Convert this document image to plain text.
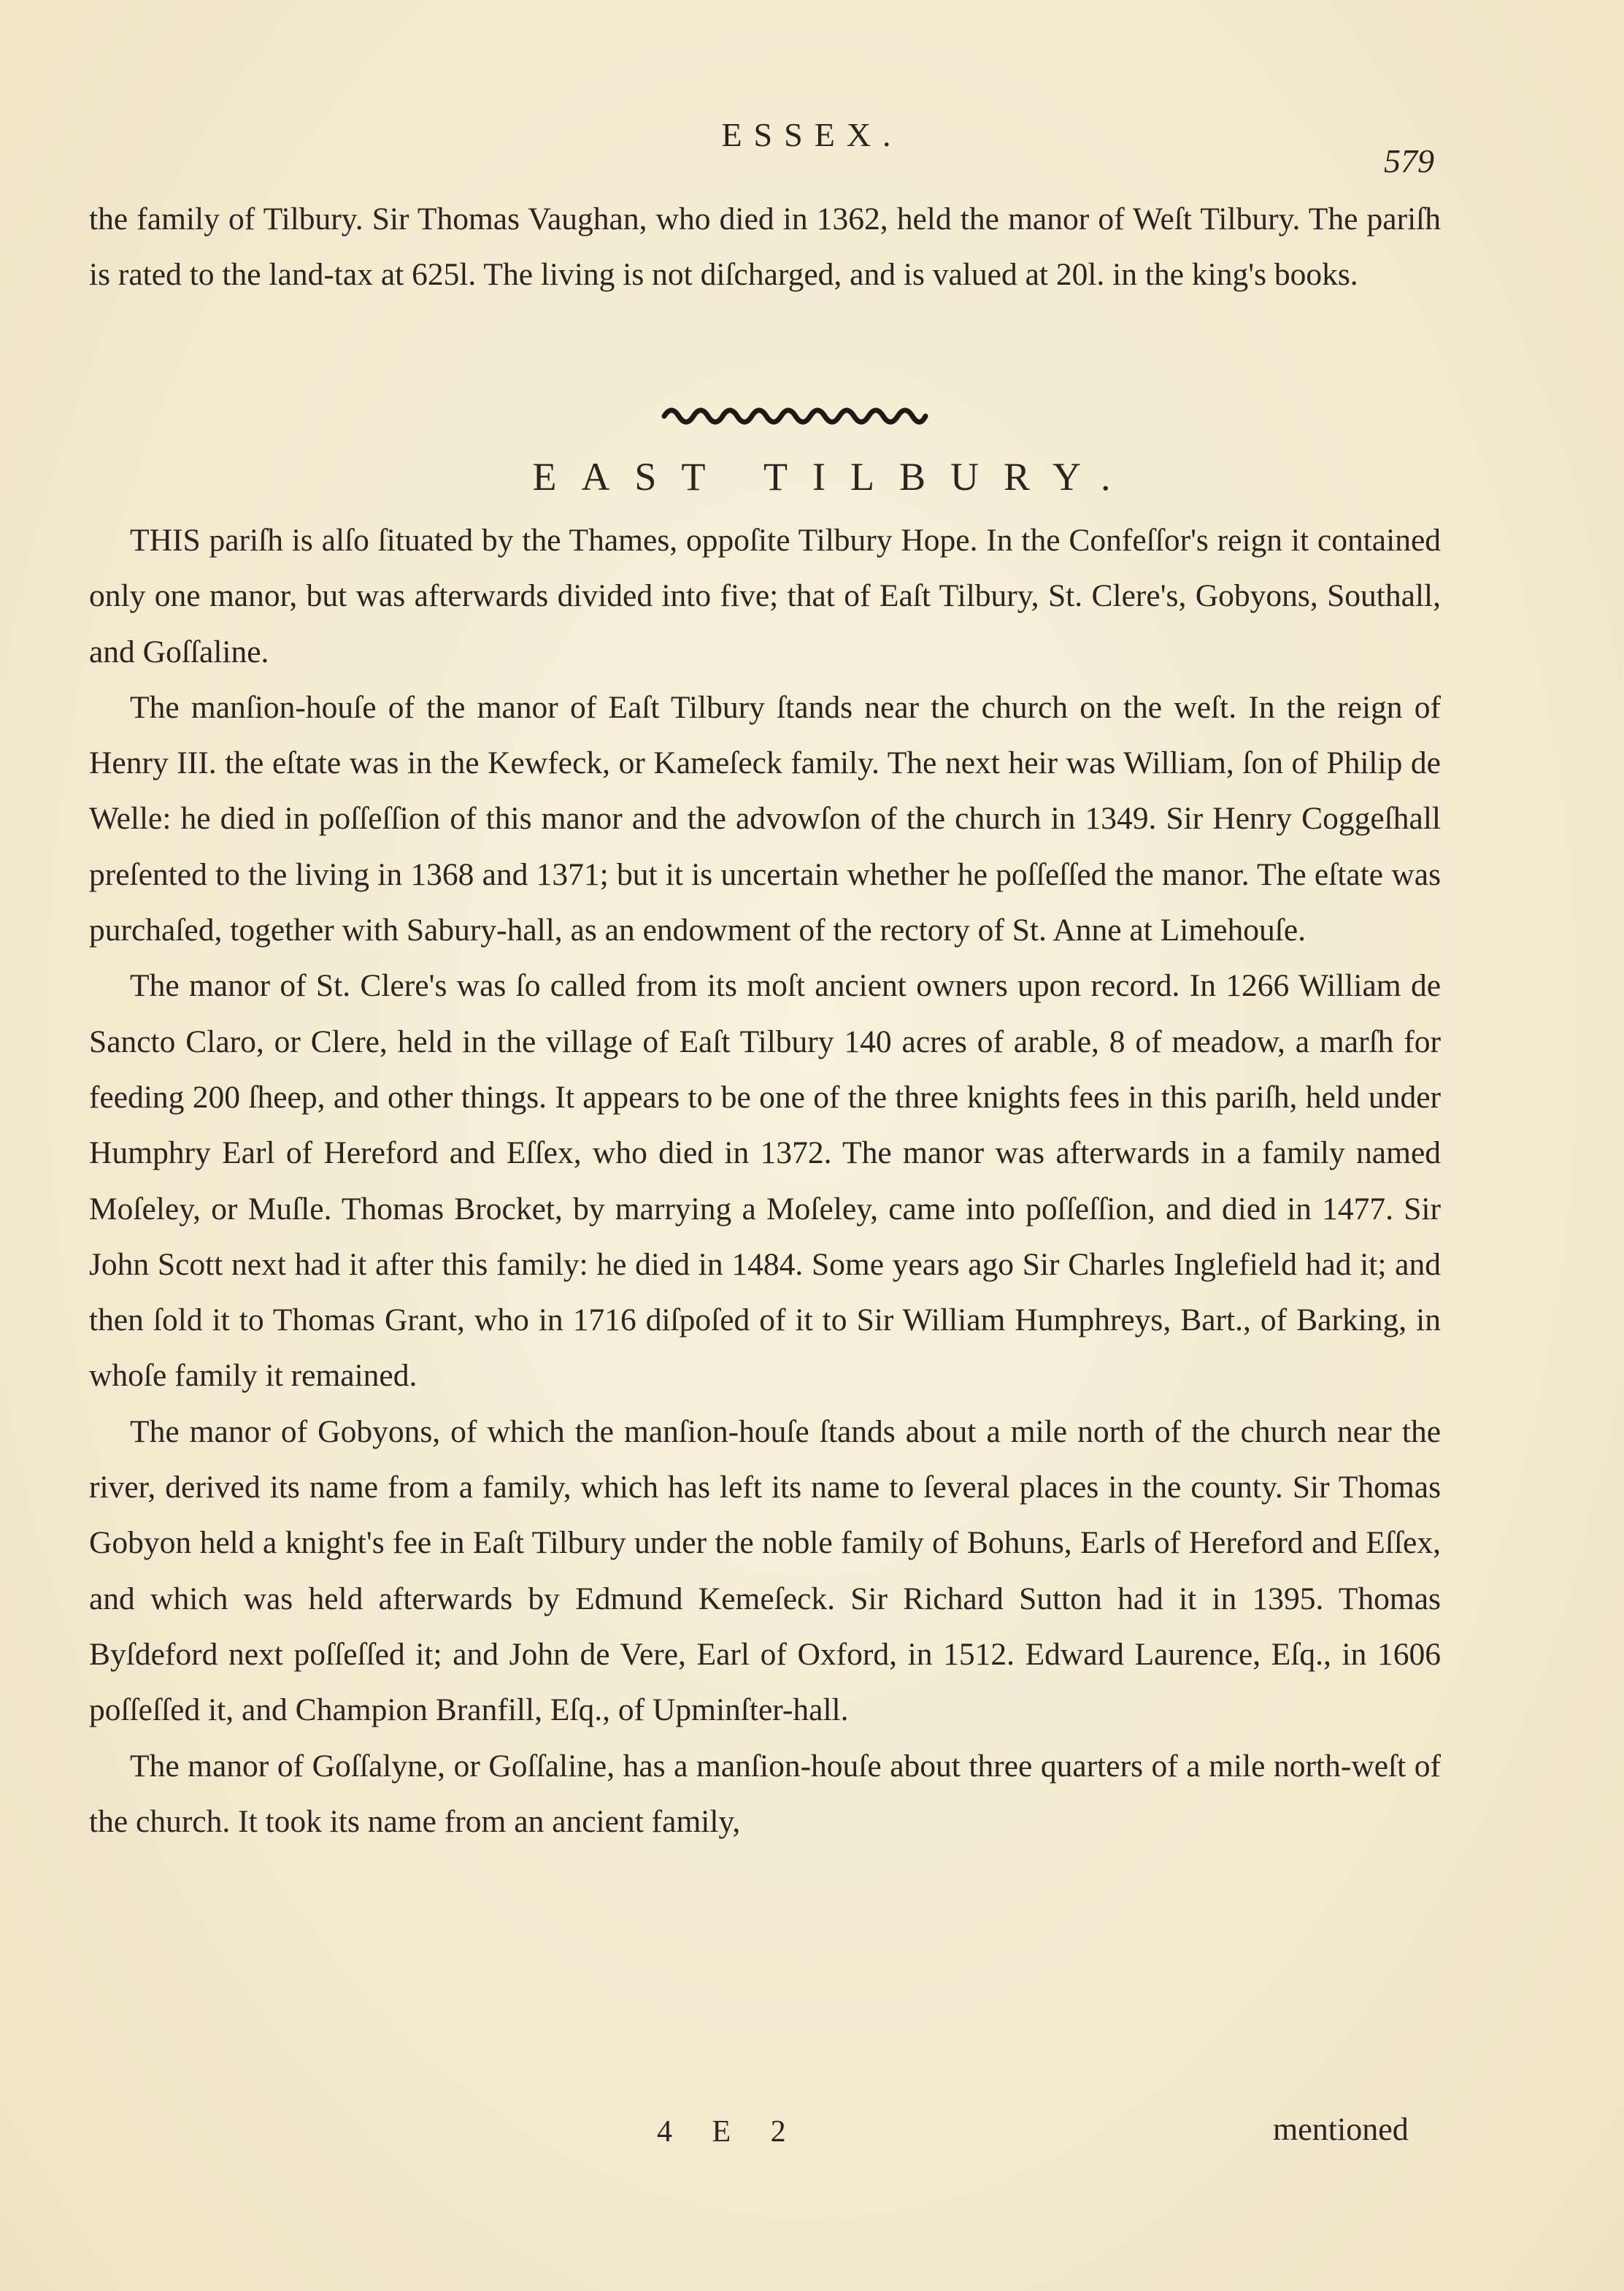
ESSEX.
579

the family of Tilbury. Sir Thomas Vaughan, who died in 1362, held the manor of Weſt Tilbury. The pariſh is rated to the land-tax at 625l. The living is not diſcharged, and is valued at 20l. in the king's books.

EAST TILBURY.

THIS pariſh is alſo ſituated by the Thames, oppoſite Tilbury Hope. In the Confeſſor's reign it contained only one manor, but was afterwards divided into five; that of Eaſt Tilbury, St. Clere's, Gobyons, Southall, and Goſſaline.

The manſion-houſe of the manor of Eaſt Tilbury ſtands near the church on the weſt. In the reign of Henry III. the eſtate was in the Kewfeck, or Kameſeck family. The next heir was William, ſon of Philip de Welle: he died in poſſeſſion of this manor and the advowſon of the church in 1349. Sir Henry Coggeſhall preſented to the living in 1368 and 1371; but it is uncertain whether he poſſeſſed the manor. The eſtate was purchaſed, together with Sabury-hall, as an endowment of the rectory of St. Anne at Limehouſe.

The manor of St. Clere's was ſo called from its moſt ancient owners upon record. In 1266 William de Sancto Claro, or Clere, held in the village of Eaſt Tilbury 140 acres of arable, 8 of meadow, a marſh for feeding 200 ſheep, and other things. It appears to be one of the three knights fees in this pariſh, held under Humphry Earl of Hereford and Eſſex, who died in 1372. The manor was afterwards in a family named Moſeley, or Muſle. Thomas Brocket, by marrying a Moſeley, came into poſſeſſion, and died in 1477. Sir John Scott next had it after this family: he died in 1484. Some years ago Sir Charles Inglefield had it; and then ſold it to Thomas Grant, who in 1716 diſpoſed of it to Sir William Humphreys, Bart., of Barking, in whoſe family it remained.

The manor of Gobyons, of which the manſion-houſe ſtands about a mile north of the church near the river, derived its name from a family, which has left its name to ſeveral places in the county. Sir Thomas Gobyon held a knight's fee in Eaſt Tilbury under the noble family of Bohuns, Earls of Hereford and Eſſex, and which was held afterwards by Edmund Kemeſeck. Sir Richard Sutton had it in 1395. Thomas Byſdeford next poſſeſſed it; and John de Vere, Earl of Oxford, in 1512. Edward Laurence, Eſq., in 1606 poſſeſſed it, and Champion Branfill, Eſq., of Upminſter-hall.

The manor of Goſſalyne, or Goſſaline, has a manſion-houſe about three quarters of a mile north-weſt of the church. It took its name from an ancient family,

4 E 2	mentioned
